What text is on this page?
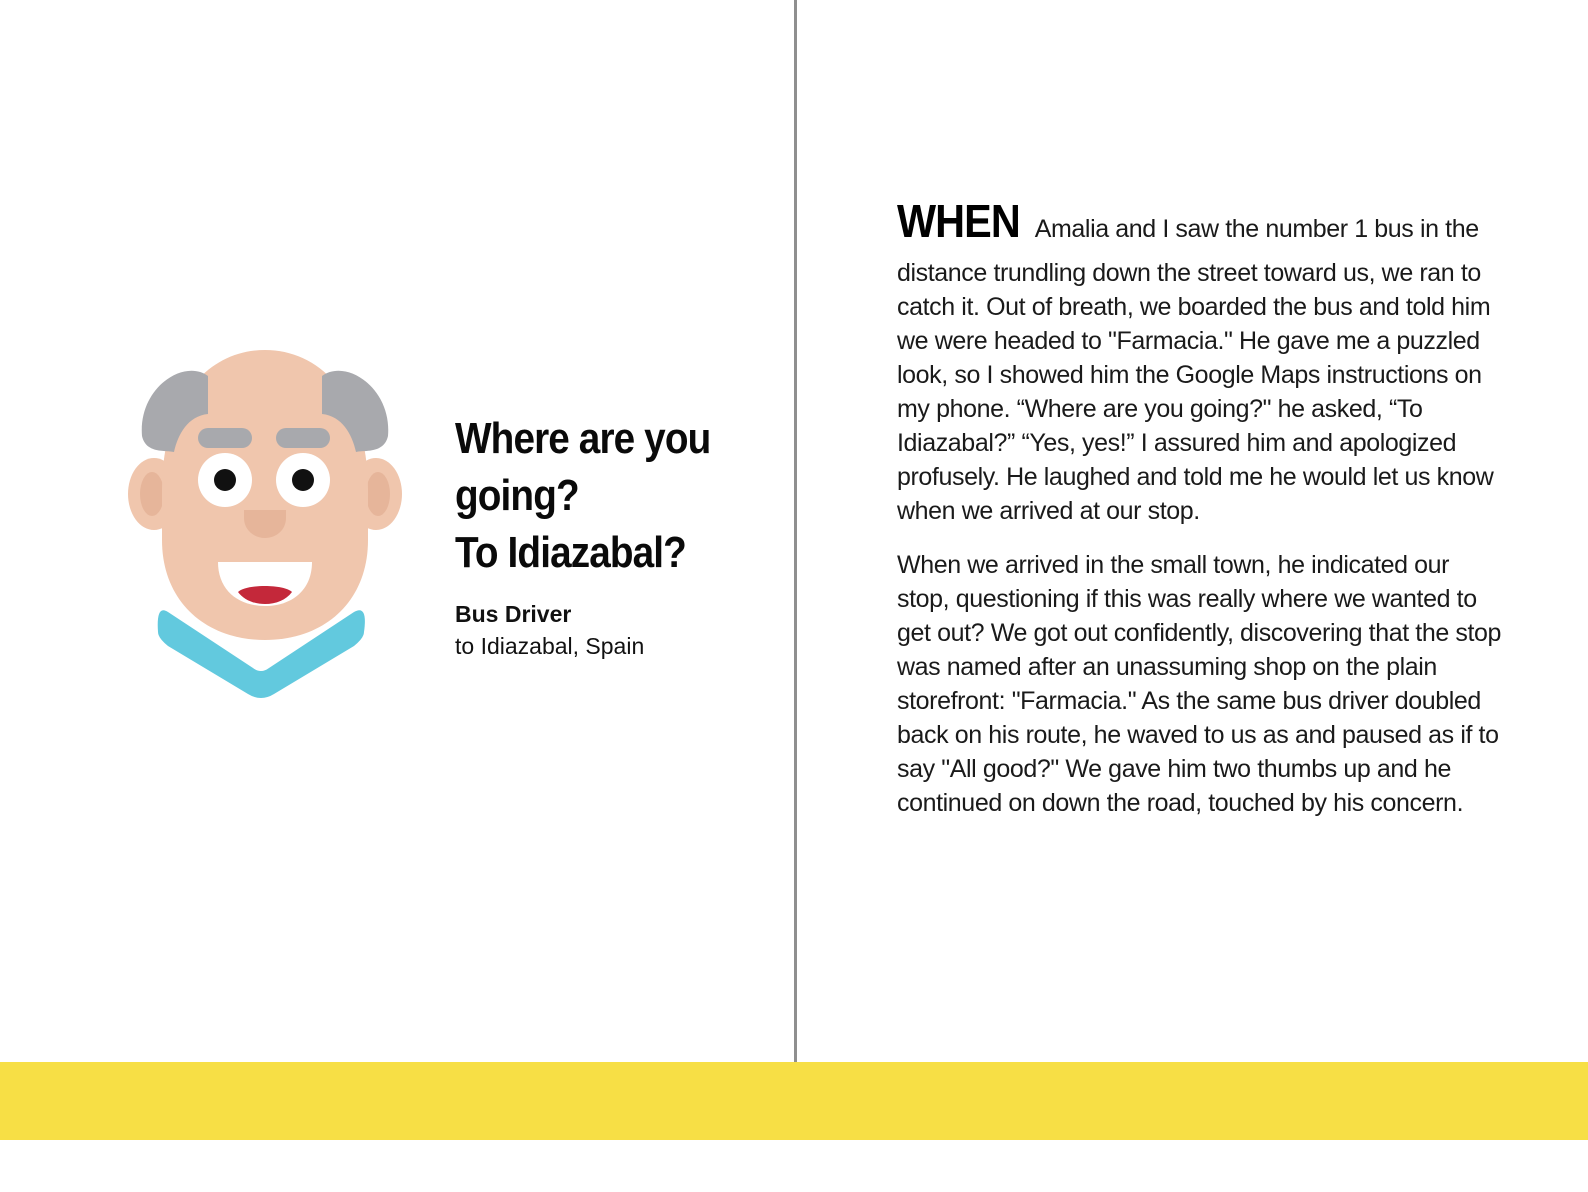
Where are you
going?
To Idiazabal?
Bus Driver
to Idiazabal, Spain

WHEN Amalia and I saw the number 1 bus in the
distance trundling down the street toward us, we ran to catch it. Out of breath, we boarded the bus and told him we were headed to "Farmacia." He gave me a puzzled look, so I showed him the Google Maps instructions on my phone. “Where are you going?" he asked, “To Idiazabal?” “Yes, yes!” I assured him and apologized profusely. He laughed and told me he would let us know when we arrived at our stop.

When we arrived in the small town, he indicated our stop, questioning if this was really where we wanted to get out? We got out confidently, discovering that the stop was named after an unassuming shop on the plain storefront: "Farmacia." As the same bus driver doubled back on his route, he waved to us as and paused as if to say "All good?" We gave him two thumbs up and he continued on down the road, touched by his concern.
